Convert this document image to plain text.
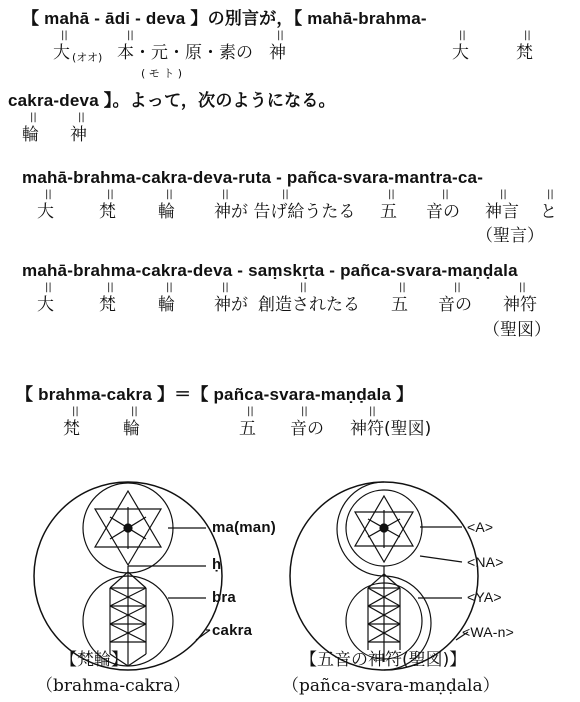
【 mahā - ādi - deva 】の別言が，【 mahā-brahma-
||	||	||	||	||
大 (オオ) 本・元・原・素の 神	大	梵
( モ ト )
cakra-deva 】。よって，次のようになる。
||	||
輪 神
mahā-brahma-cakra-deva-ruta - pañca-svara-mantra-ca-
||	||	||	||	||	||	||	||	||
大	梵 輪 神が 告げ給うたる 五 音の 神言 と
（聖言）
mahā-brahma-cakra-deva - saṃskṛta - pañca-svara-maṇḍala
||	||	||	||	||	||	||	||
大	梵 輪 神が 創造されたる 五 音の 神符
（聖図）
【 brahma-cakra 】＝【 pañca-svara-maṇḍala 】
||	||	||	||	||
梵	輪	五 音の 神符(聖図)
ma(man)
ḥ
bra
cakra
<A>
<NA>
<YA>
<WA-n>
【梵輪】
（brahma-cakra）
【五音の神符(聖図)】
（pañca-svara-maṇḍala）
